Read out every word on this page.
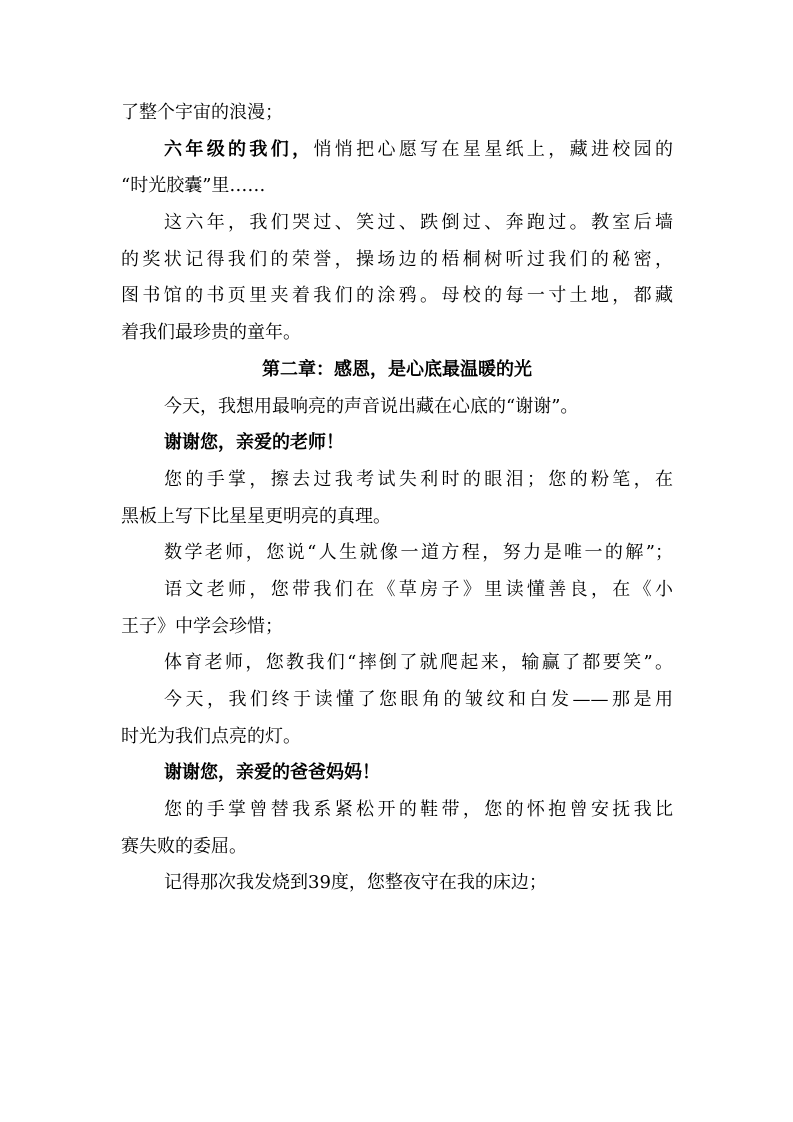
了整个宇宙的浪漫；
六年级的我们，悄悄把心愿写在星星纸上，藏进校园的
“时光胶囊”里……
这六年，我们哭过、笑过、跌倒过、奔跑过。教室后墙
的奖状记得我们的荣誉，操场边的梧桐树听过我们的秘密，
图书馆的书页里夹着我们的涂鸦。母校的每一寸土地，都藏
着我们最珍贵的童年。
第二章：感恩，是心底最温暖的光
今天，我想用最响亮的声音说出藏在心底的“谢谢”。
谢谢您，亲爱的老师！
您的手掌，擦去过我考试失利时的眼泪；您的粉笔，在
黑板上写下比星星更明亮的真理。
数学老师，您说“人生就像一道方程，努力是唯一的解”；
语文老师，您带我们在《草房子》里读懂善良，在《小
王子》中学会珍惜；
体育老师，您教我们“摔倒了就爬起来，输赢了都要笑”。
今天，我们终于读懂了您眼角的皱纹和白发——那是用
时光为我们点亮的灯。
谢谢您，亲爱的爸爸妈妈！
您的手掌曾替我系紧松开的鞋带，您的怀抱曾安抚我比
赛失败的委屈。
记得那次我发烧到39度，您整夜守在我的床边；
